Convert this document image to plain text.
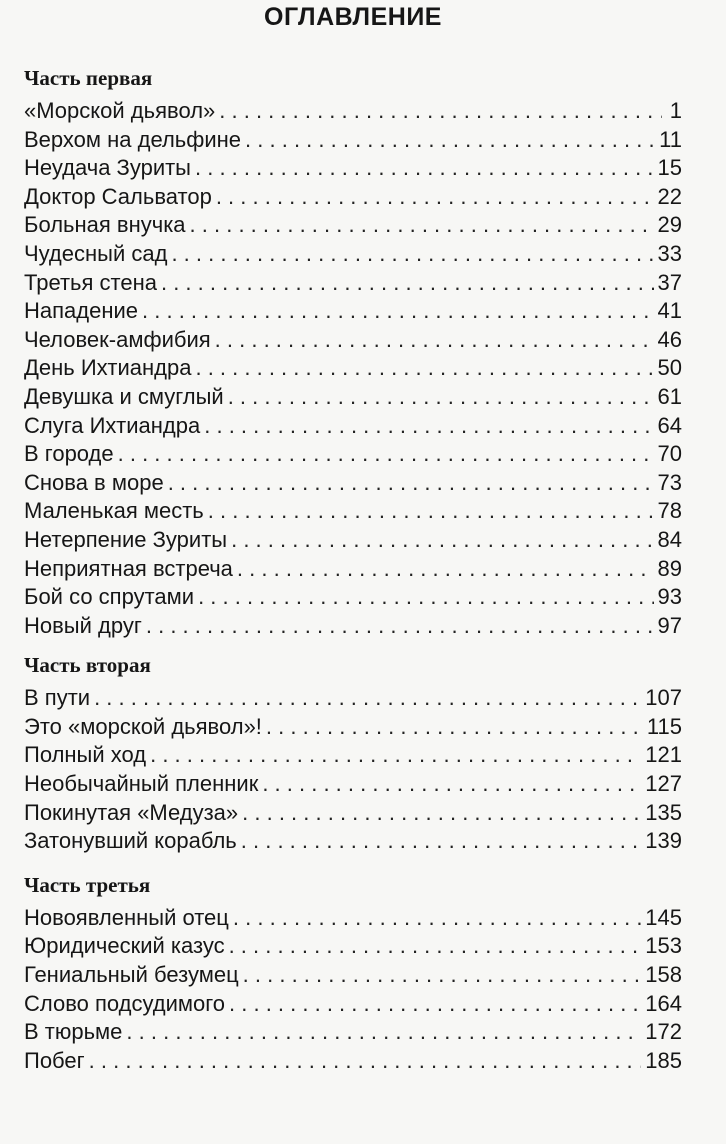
ОГЛАВЛЕНИЕ
Часть первая
«Морской дьявол» . . .	1
Верхом на дельфине . . .	11
Неудача Зуриты . . .	15
Доктор Сальватор . . .	22
Больная внучка . . .	29
Чудесный сад . . .	33
Третья стена . . .	37
Нападение . . .	41
Человек-амфибия . . .	46
День Ихтиандра . . .	50
Девушка и смуглый . . .	61
Слуга Ихтиандра . . .	64
В городе . . .	70
Снова в море . . .	73
Маленькая месть . . .	78
Нетерпение Зуриты . . .	84
Неприятная встреча . . .	89
Бой со спрутами . . .	93
Новый друг . . .	97
Часть вторая
В пути . . .	107
Это «морской дьявол»! . . .	115
Полный ход . . .	121
Необычайный пленник . . .	127
Покинутая «Медуза» . . .	135
Затонувший корабль . . .	139
Часть третья
Новоявленный отец . . .	145
Юридический казус . . .	153
Гениальный безумец . . .	158
Слово подсудимого . . .	164
В тюрьме . . .	172
Побег . . .	185
